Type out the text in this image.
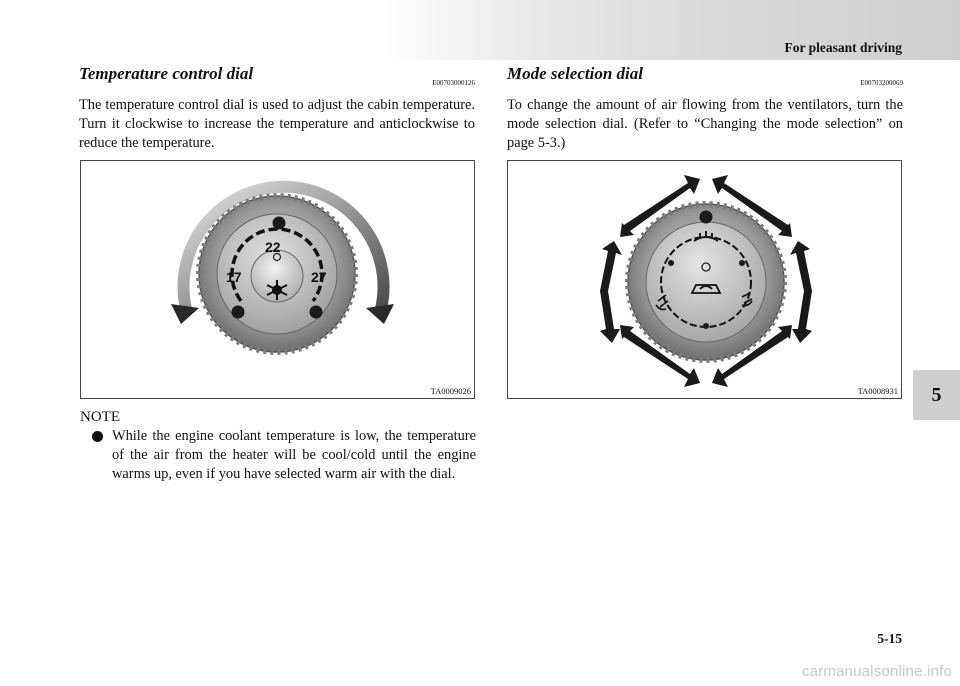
For pleasant driving
5
Temperature control dial	E00703000126

The temperature control dial is used to adjust the cabin temperature. Turn it clockwise to increase the temperature and anticlockwise to reduce the temperature.

Mode selection dial	E00703200069

To change the amount of air flowing from the ventilators, turn the mode selection dial. (Refer to “Changing the mode selection” on page 5-3.)

22
17	27
TA0009026	TA0008931
NOTE
While the engine coolant temperature is low, the temperature of the air from the heater will be cool/cold until the engine warms up, even if you have selected warm air with the dial.
5-15
carmanualsonline.info
